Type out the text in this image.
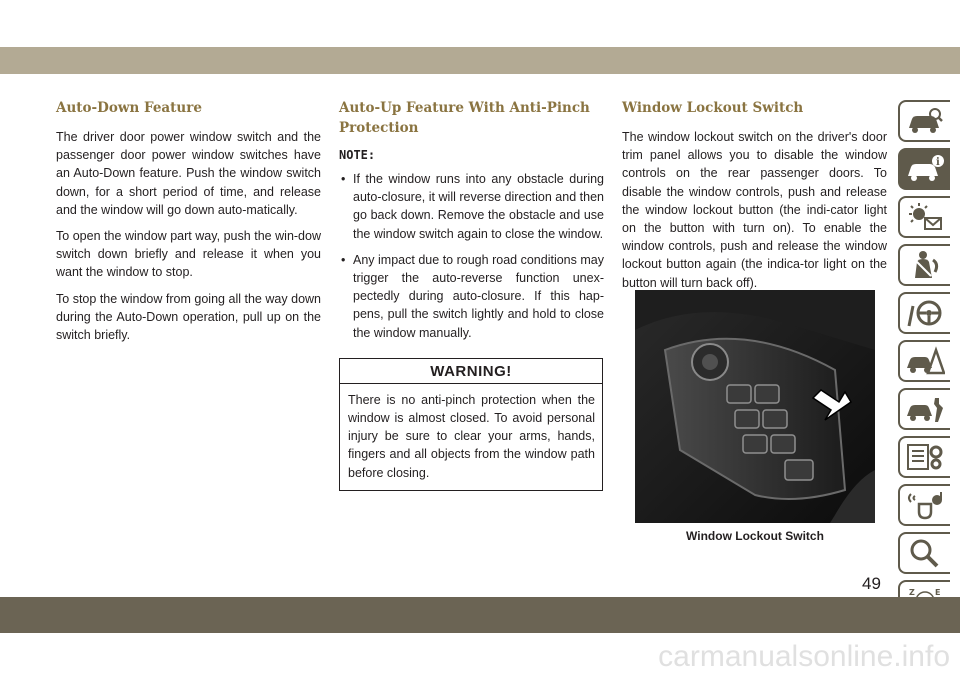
Auto-Down Feature

The driver door power window switch and the passenger door power window switches have an Auto-Down feature. Push the window switch down, for a short period of time, and release and the window will go down auto-matically.

To open the window part way, push the win-dow switch down briefly and release it when you want the window to stop.

To stop the window from going all the way down during the Auto-Down operation, pull up on the switch briefly.

Auto-Up Feature With Anti-Pinch Protection
NOTE:
• If the window runs into any obstacle during auto-closure, it will reverse direction and then go back down. Remove the obstacle and use the window switch again to close the window.
• Any impact due to rough road conditions may trigger the auto-reverse function unex-pectedly during auto-closure. If this hap-pens, pull the switch lightly and hold to close the window manually.
WARNING!
There is no anti-pinch protection when the window is almost closed. To avoid personal injury be sure to clear your arms, hands, fingers and all objects from the window path before closing.
Window Lockout Switch

The window lockout switch on the driver's door trim panel allows you to disable the window controls on the rear passenger doors. To disable the window controls, push and release the window lockout button (the indi-cator light on the button with turn on). To enable the window controls, push and release the window lockout button again (the indica-tor light on the button will turn back off).

Window Lockout Switch
i
Z	E
49
carmanualsonline.info
